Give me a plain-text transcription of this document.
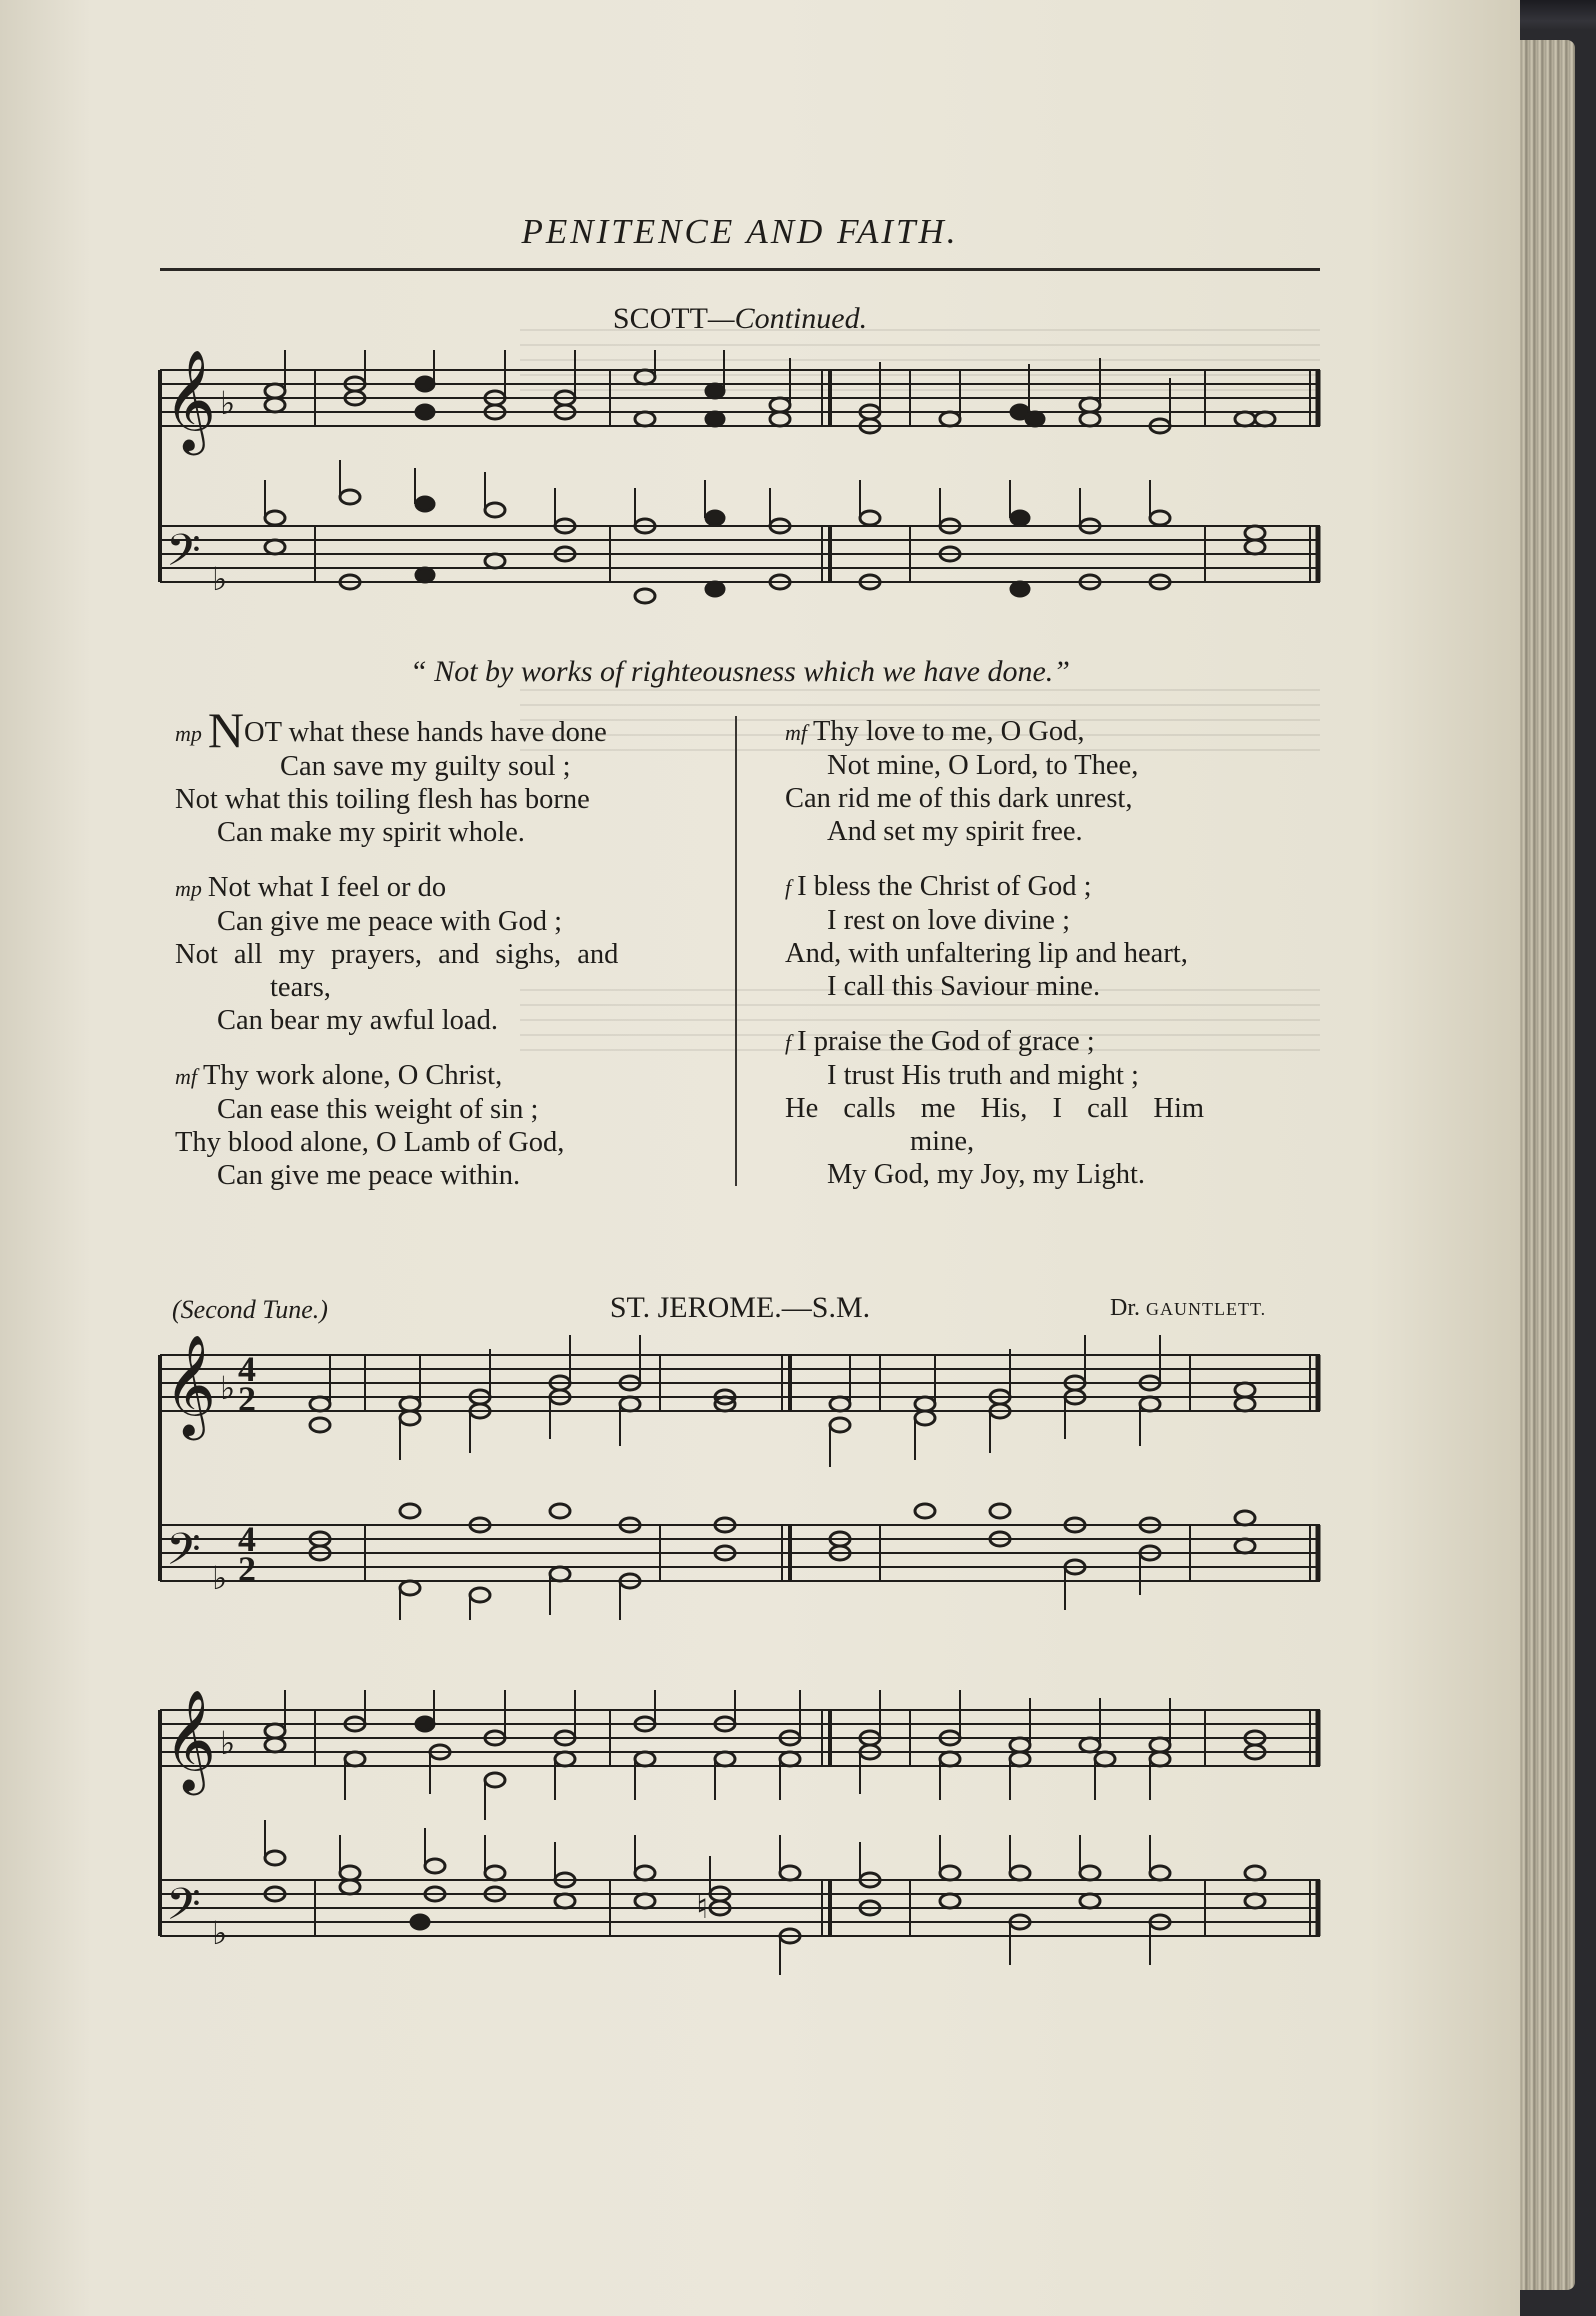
PENITENCE AND FAITH.
SCOTT—Continued.
𝄞 ♭
𝄢 ♭
“ Not by works of righteousness which we have done.”
mp NOT what these hands have done
Can save my guilty soul ;
Not what this toiling flesh has borne
Can make my spirit whole.
mp Not what I feel or do
Can give me peace with God ;
Not all my prayers, and sighs, and
tears,
Can bear my awful load.
mf Thy work alone, O Christ,
Can ease this weight of sin ;
Thy blood alone, O Lamb of God,
Can give me peace within.
mf Thy love to me, O God,
Not mine, O Lord, to Thee,
Can rid me of this dark unrest,
And set my spirit free.
f I bless the Christ of God ;
I rest on love divine ;
And, with unfaltering lip and heart,
I call this Saviour mine.
f I praise the God of grace ;
I trust His truth and might ;
He calls me His, I call Him
mine,
My God, my Joy, my Light.
(Second Tune.)	ST. JEROME.—S.M.	Dr. GAUNTLETT.
𝄞 ♭ 4
2
𝄢 ♭
4
2
𝄞 ♭
𝄢 ♭
♮
